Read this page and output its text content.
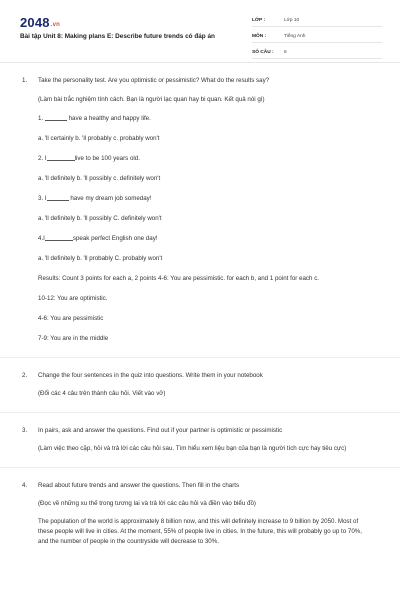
2048.vn
Bài tập Unit 8: Making plans E: Describe future trends có đáp án
LỚP :	Lớp 10
MÔN :	Tiếng Anh
SỐ CÂU :	6
1. Take the personality test. Are you optimistic or pessimistic? What do the results say?
(Làm bài trắc nghiệm tính cách. Bạn là người lạc quan hay bi quan. Kết quả nói gì)
1.	have a healthy and happy life.
a. 'll certainly b. 'll probably c. probably won't
2. I	live to be 100 years old.
a. 'll definitely b. 'll possibly c. definitely won't
3. I	have my dream job someday!
a. 'll definitely b. 'll possibly C. definitely won't
4.I	speak perfect English one day!
a. 'll definitely b. 'll probably C. probably won't
Results: Count 3 points for each a, 2 points 4-6: You are pessimistic. for each b, and 1 point for each c.
10-12: You are optimistic.
4-6: You are pessimistic
7-9: You are in the middle
2. Change the four sentences in the quiz into questions. Write them in your notebook
(Đổi các 4 câu trên thành câu hỏi. Viết vào vở)
3. In pairs, ask and answer the questions. Find out if your partner is optimistic or pessimistic
(Làm việc theo cặp, hỏi và trả lời các câu hỏi sau. Tìm hiểu xem liệu bạn của bạn là người tích cực hay tiêu cực)
4. Read about future trends and answer the questions. Then fill in the charts
(Đọc về những xu thế trong tương lai và trả lời các câu hỏi và điền vào biểu đồ)
The population of the world is approximately 8 billion now, and this will definitely increase to 9 billion by 2050. Most of these people will live in cities. At the moment, 55% of people live in cities. In the future, this will probably go up to 70%, and the number of people in the countryside will decrease to 30%.
